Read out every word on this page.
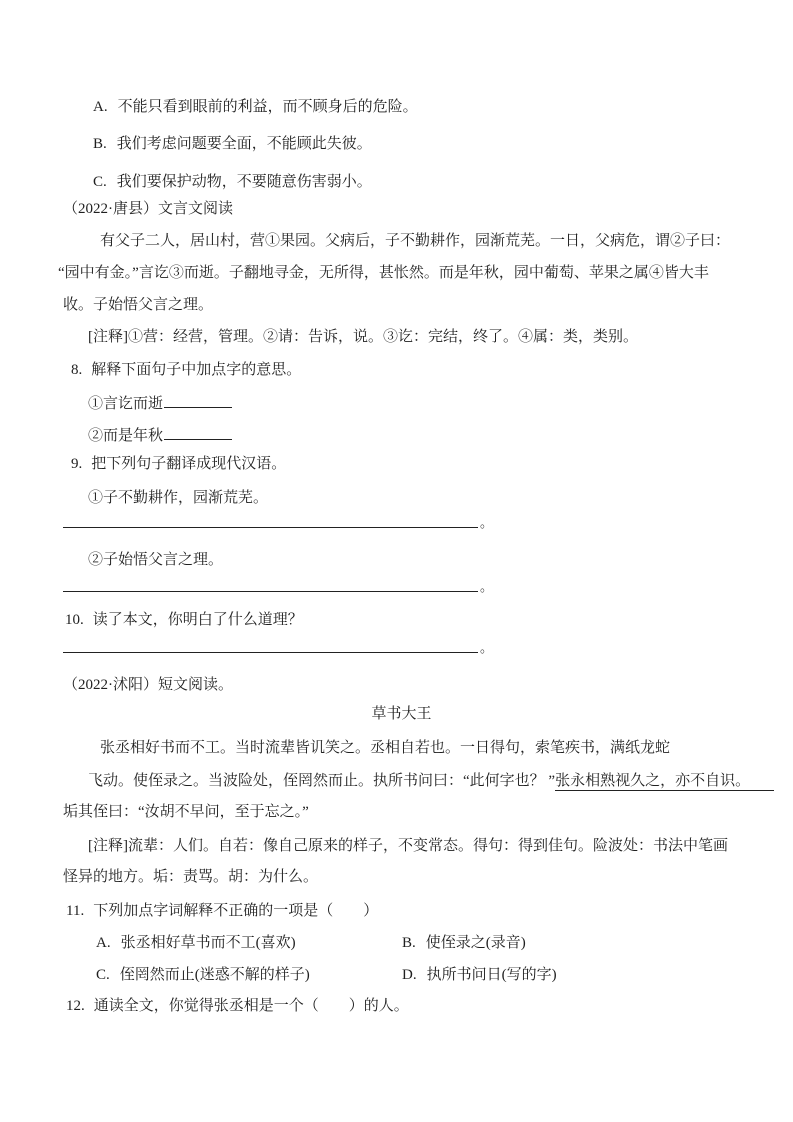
A. 不能只看到眼前的利益，而不顾身后的危险。
B. 我们考虑问题要全面，不能顾此失彼。
C. 我们要保护动物，不要随意伤害弱小。
（2022·唐县）文言文阅读
有父子二人，居山村，营①果园。父病后，子不勤耕作，园渐荒芜。一日，父病危，谓②子曰：
“园中有金。”言讫③而逝。子翻地寻金，无所得，甚怅然。而是年秋，园中葡萄、苹果之属④皆大丰
收。子始悟父言之理。
[注释]①营：经营，管理。②请：告诉，说。③讫：完结，终了。④属：类，类别。
8. 解释下面句子中加点字的意思。
①言讫而逝
②而是年秋
9. 把下列句子翻译成现代汉语。
①子不勤耕作，园渐荒芜。
。
②子始悟父言之理。
。
10. 读了本文，你明白了什么道理？
。
（2022·沭阳）短文阅读。
草书大王
张丞相好书而不工。当时流辈皆讥笑之。丞相自若也。一日得句，索笔疾书，满纸龙蛇
飞动。使侄录之。当波险处，侄罔然而止。执所书问曰：“此何字也？ ”张永相熟视久之，亦不自识。
垢其侄曰：“汝胡不早问，至于忘之。”
[注释]流辈：人们。自若：像自己原来的样子，不变常态。得句：得到佳句。险波处：书法中笔画
怪异的地方。垢：责骂。胡：为什么。
11. 下列加点字词解释不正确的一项是（　　）
A. 张丞相好草书而不工(喜欢)	B. 使侄录之(录音)
C. 侄罔然而止(迷惑不解的样子)	D. 执所书问日(写的字)
12. 通读全文，你觉得张丞相是一个（　　）的人。
